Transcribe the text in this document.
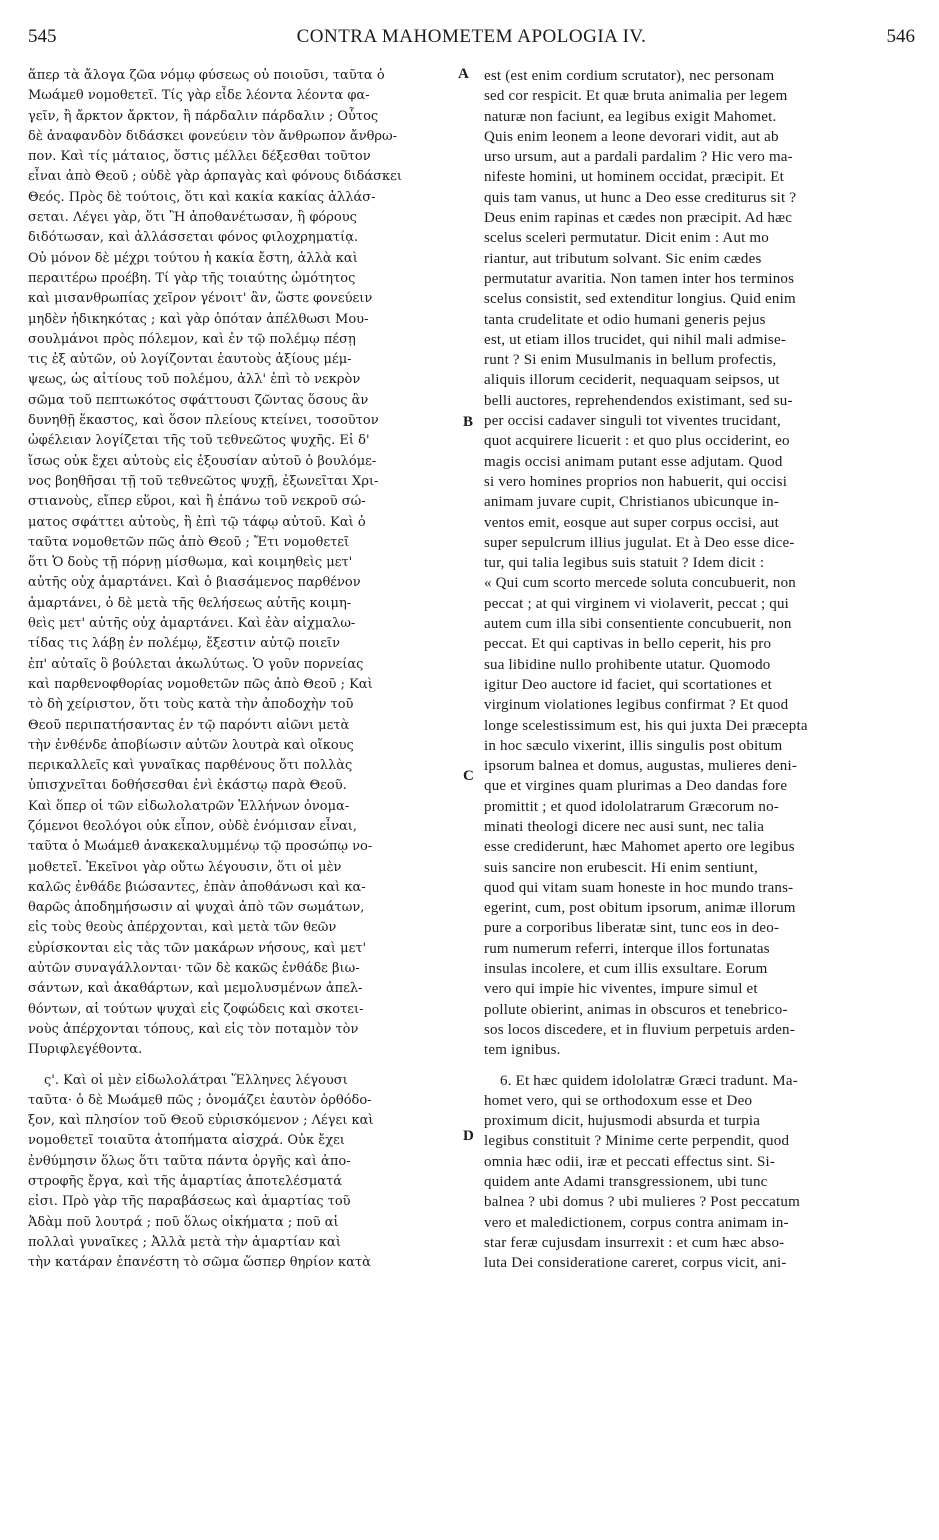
545	CONTRA MAHOMETEM APOLOGIA IV.	546
ἅπερ τὰ ἄλογα ζῶα νόμῳ φύσεως οὐ ποιοῦσι, ταῦτα ὁ
Μωάμεθ νομοθετεῖ. Τίς γὰρ εἶδε λέοντα λέοντα φα-
γεῖν, ἢ ἄρκτον ἄρκτον, ἢ πάρδαλιν πάρδαλιν ; Οὗτος
δὲ ἀναφανδὸν διδάσκει φονεύειν τὸν ἄνθρωπον ἄνθρω-
πον. Καὶ τίς μάταιος, ὅστις μέλλει δέξεσθαι τοῦτον
εἶναι ἀπὸ Θεοῦ ; οὐδὲ γὰρ ἁρπαγὰς καὶ φόνους διδάσκει
Θεός. Πρὸς δὲ τούτοις, ὅτι καὶ κακία κακίας ἀλλάσ-
σεται. Λέγει γὰρ, ὅτι Ἢ ἀποθανέτωσαν, ἢ φόρους
διδότωσαν, καὶ ἀλλάσσεται φόνος φιλοχρηματίᾳ.
Οὐ μόνον δὲ μέχρι τούτου ἡ κακία ἔστη, ἀλλὰ καὶ
περαιτέρω προέβη. Τί γὰρ τῆς τοιαύτης ὠμότητος
καὶ μισανθρωπίας χεῖρον γένοιτ' ἂν, ὥστε φονεύειν
μηδὲν ἠδικηκότας ; καὶ γὰρ ὁπόταν ἀπέλθωσι Μου-
σουλμάνοι πρὸς πόλεμον, καὶ ἐν τῷ πολέμῳ πέσῃ
τις ἐξ αὐτῶν, οὐ λογίζονται ἑαυτοὺς ἀξίους μέμ-
ψεως, ὡς αἰτίους τοῦ πολέμου, ἀλλ' ἐπὶ τὸ νεκρὸν
σῶμα τοῦ πεπτωκότος σφάττουσι ζῶντας ὅσους ἂν
δυνηθῇ ἕκαστος, καὶ ὅσον πλείους κτείνει, τοσοῦτον
ὠφέλειαν λογίζεται τῆς τοῦ τεθνεῶτος ψυχῆς. Εἰ δ'
ἴσως οὐκ ἔχει αὐτοὺς εἰς ἐξουσίαν αὐτοῦ ὁ βουλόμε-
νος βοηθῆσαι τῇ τοῦ τεθνεῶτος ψυχῇ, ἐξωνεῖται Χρι-
στιανοὺς, εἴπερ εὕροι, καὶ ἢ ἐπάνω τοῦ νεκροῦ σώ-
ματος σφάττει αὐτοὺς, ἢ ἐπὶ τῷ τάφῳ αὐτοῦ. Καὶ ὁ
ταῦτα νομοθετῶν πῶς ἀπὸ Θεοῦ ; Ἔτι νομοθετεῖ
ὅτι Ὁ δοὺς τῇ πόρνῃ μίσθωμα, καὶ κοιμηθεὶς μετ'
αὐτῆς οὐχ ἁμαρτάνει. Καὶ ὁ βιασάμενος παρθένον
ἁμαρτάνει, ὁ δὲ μετὰ τῆς θελήσεως αὐτῆς κοιμη-
θεὶς μετ' αὐτῆς οὐχ ἁμαρτάνει. Καὶ ἐὰν αἰχμαλω-
τίδας τις λάβῃ ἐν πολέμῳ, ἔξεστιν αὐτῷ ποιεῖν
ἐπ' αὐταῖς ὃ βούλεται ἀκωλύτως. Ὁ γοῦν πορνείας
καὶ παρθενοφθορίας νομοθετῶν πῶς ἀπὸ Θεοῦ ; Καὶ
τὸ δὴ χείριστον, ὅτι τοὺς κατὰ τὴν ἀποδοχὴν τοῦ
Θεοῦ περιπατήσαντας ἐν τῷ παρόντι αἰῶνι μετὰ
τὴν ἐνθένδε ἀποβίωσιν αὐτῶν λουτρὰ καὶ οἴκους
περικαλλεῖς καὶ γυναῖκας παρθένους ὅτι πολλὰς
ὑπισχνεῖται δοθήσεσθαι ἑνὶ ἑκάστῳ παρὰ Θεοῦ.
Καὶ ὅπερ οἱ τῶν εἰδωλολατρῶν Ἑλλήνων ὀνομα-
ζόμενοι θεολόγοι οὐκ εἶπον, οὐδὲ ἐνόμισαν εἶναι,
ταῦτα ὁ Μωάμεθ ἀνακεκαλυμμένῳ τῷ προσώπῳ νο-
μοθετεῖ. Ἐκεῖνοι γὰρ οὕτω λέγουσιν, ὅτι οἱ μὲν
καλῶς ἐνθάδε βιώσαντες, ἐπὰν ἀποθάνωσι καὶ κα-
θαρῶς ἀποδημήσωσιν αἱ ψυχαὶ ἀπὸ τῶν σωμάτων,
εἰς τοὺς θεοὺς ἀπέρχονται, καὶ μετὰ τῶν θεῶν
εὑρίσκονται εἰς τὰς τῶν μακάρων νήσους, καὶ μετ'
αὐτῶν συναγάλλονται· τῶν δὲ κακῶς ἐνθάδε βιω-
σάντων, καὶ ἀκαθάρτων, καὶ μεμολυσμένων ἀπελ-
θόντων, αἱ τούτων ψυχαὶ εἰς ζοφώδεις καὶ σκοτει-
νοὺς ἀπέρχονται τόπους, καὶ εἰς τὸν ποταμὸν τὸν
Πυριφλεγέθοντα.
ς'. Καὶ οἱ μὲν εἰδωλολάτραι Ἕλληνες λέγουσι
ταῦτα· ὁ δὲ Μωάμεθ πῶς ; ὀνομάζει ἑαυτὸν ὀρθόδο-
ξον, καὶ πλησίον τοῦ Θεοῦ εὑρισκόμενον ; Λέγει καὶ
νομοθετεῖ τοιαῦτα ἀτοπήματα αἰσχρά. Οὐκ ἔχει
ἐνθύμησιν ὅλως ὅτι ταῦτα πάντα ὀργῆς καὶ ἀπο-
στροφῆς ἔργα, καὶ τῆς ἁμαρτίας ἀποτελέσματά
εἰσι. Πρὸ γὰρ τῆς παραβάσεως καὶ ἁμαρτίας τοῦ
Ἀδὰμ ποῦ λουτρά ; ποῦ ὅλως οἰκήματα ; ποῦ αἱ
πολλαὶ γυναῖκες ; Ἀλλὰ μετὰ τὴν ἁμαρτίαν καὶ
τὴν κατάραν ἐπανέστη τὸ σῶμα ὥσπερ θηρίον κατὰ
est (est enim cordium scrutator), nec personam
sed cor respicit. Et quæ bruta animalia per legem
naturæ non faciunt, ea legibus exigit Mahomet.
Quis enim leonem a leone devorari vidit, aut ab
urso ursum, aut a pardali pardalim ? Hic vero ma-
nifeste homini, ut hominem occidat, præcipit. Et
quis tam vanus, ut hunc a Deo esse crediturus sit ?
Deus enim rapinas et cædes non præcipit. Ad hæc
scelus sceleri permutatur. Dicit enim : Aut mo
riantur, aut tributum solvant. Sic enim cædes
permutatur avaritia. Non tamen inter hos terminos
scelus consistit, sed extenditur longius. Quid enim
tanta crudelitate et odio humani generis pejus
est, ut etiam illos trucidet, qui nihil mali admise-
runt ? Si enim Musulmanis in bellum profectis,
aliquis illorum ceciderit, nequaquam seipsos, ut
belli auctores, reprehendendos existimant, sed su-
per occisi cadaver singuli tot viventes trucidant,
quot acquirere licuerit : et quo plus occiderint, eo
magis occisi animam putant esse adjutam. Quod
si vero homines proprios non habuerit, qui occisi
animam juvare cupit, Christianos ubicunque in-
ventos emit, eosque aut super corpus occisi, aut
super sepulcrum illius jugulat. Et à Deo esse dice-
tur, qui talia legibus suis statuit ? Idem dicit :
« Qui cum scorto mercede soluta concubuerit, non
peccat ; at qui virginem vi violaverit, peccat ; qui
autem cum illa sibi consentiente concubuerit, non
peccat. Et qui captivas in bello ceperit, his pro
sua libidine nullo prohibente utatur. Quomodo
igitur Deo auctore id faciet, qui scortationes et
virginum violationes legibus confirmat ? Et quod
longe scelestissimum est, his qui juxta Dei præcepta
in hoc sæculo vixerint, illis singulis post obitum
ipsorum balnea et domus, augustas, mulieres deni-
que et virgines quam plurimas a Deo dandas fore
promittit ; et quod idololatrarum Græcorum no-
minati theologi dicere nec ausi sunt, nec talia
esse crediderunt, hæc Mahomet aperto ore legibus
suis sancire non erubescit. Hi enim sentiunt,
quod qui vitam suam honeste in hoc mundo trans-
egerint, cum, post obitum ipsorum, animæ illorum
pure a corporibus liberatæ sint, tunc eos in deo-
rum numerum referri, interque illos fortunatas
insulas incolere, et cum illis exsultare. Eorum
vero qui impie hic viventes, impure simul et
pollute obierint, animas in obscuros et tenebrico-
sos locos discedere, et in fluvium perpetuis arden-
tem ignibus.
6. Et hæc quidem idololatræ Græci tradunt. Ma-
homet vero, qui se orthodoxum esse et Deo
proximum dicit, hujusmodi absurda et turpia
legibus constituit ? Minime certe perpendit, quod
omnia hæc odii, iræ et peccati effectus sint. Si-
quidem ante Adami transgressionem, ubi tunc
balnea ? ubi domus ? ubi mulieres ? Post peccatum
vero et maledictionem, corpus contra animam in-
star feræ cujusdam insurrexit : et cum hæc abso-
luta Dei consideratione careret, corpus vicit, ani-
A
B
C
D
